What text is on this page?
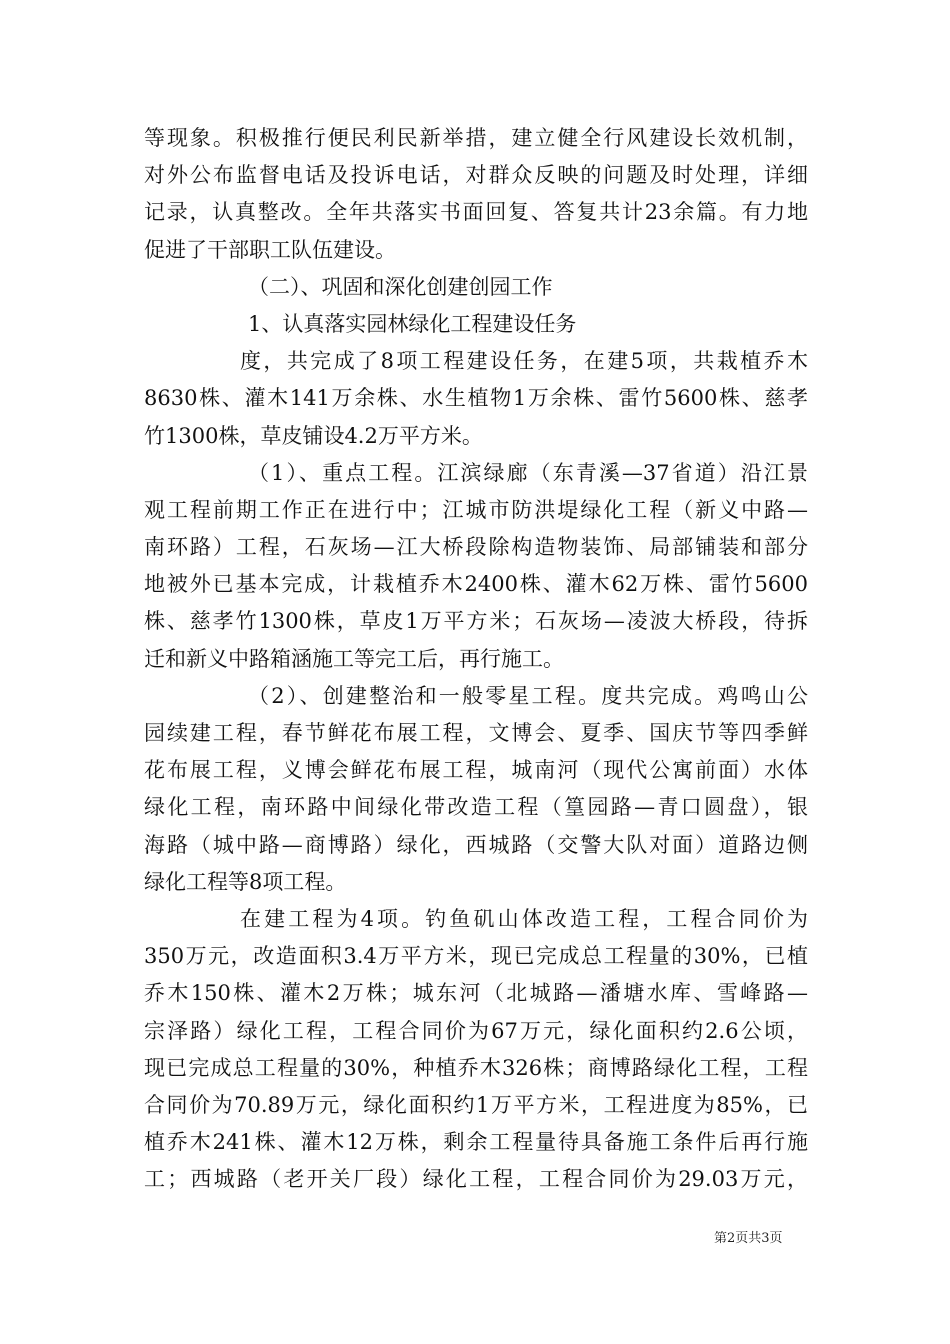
等现象。积极推行便民利民新举措，建立健全行风建设长效机制，
对外公布监督电话及投诉电话，对群众反映的问题及时处理，详细
记录，认真整改。全年共落实书面回复、答复共计23余篇。有力地
促进了干部职工队伍建设。
（二）、巩固和深化创建创园工作
1、认真落实园林绿化工程建设任务
度，共完成了8项工程建设任务，在建5项，共栽植乔木
8630株、灌木141万余株、水生植物1万余株、雷竹5600株、慈孝
竹1300株，草皮铺设4.2万平方米。
（1）、重点工程。江滨绿廊（东青溪—37省道）沿江景
观工程前期工作正在进行中；江城市防洪堤绿化工程（新义中路—
南环路）工程，石灰场—江大桥段除构造物装饰、局部铺装和部分
地被外已基本完成，计栽植乔木2400株、灌木62万株、雷竹5600
株、慈孝竹1300株，草皮1万平方米；石灰场—凌波大桥段，待拆
迁和新义中路箱涵施工等完工后，再行施工。
（2）、创建整治和一般零星工程。度共完成。鸡鸣山公
园续建工程，春节鲜花布展工程，文博会、夏季、国庆节等四季鲜
花布展工程，义博会鲜花布展工程，城南河（现代公寓前面）水体
绿化工程，南环路中间绿化带改造工程（篁园路—青口圆盘），银
海路（城中路—商博路）绿化，西城路（交警大队对面）道路边侧
绿化工程等8项工程。
在建工程为4项。钓鱼矶山体改造工程，工程合同价为
350万元，改造面积3.4万平方米，现已完成总工程量的30%，已植
乔木150株、灌木2万株；城东河（北城路—潘塘水库、雪峰路—
宗泽路）绿化工程，工程合同价为67万元，绿化面积约2.6公顷，
现已完成总工程量的30%，种植乔木326株；商博路绿化工程，工程
合同价为70.89万元，绿化面积约1万平方米，工程进度为85%，已
植乔木241株、灌木12万株，剩余工程量待具备施工条件后再行施
工；西城路（老开关厂段）绿化工程，工程合同价为29.03万元，
第2页共3页
